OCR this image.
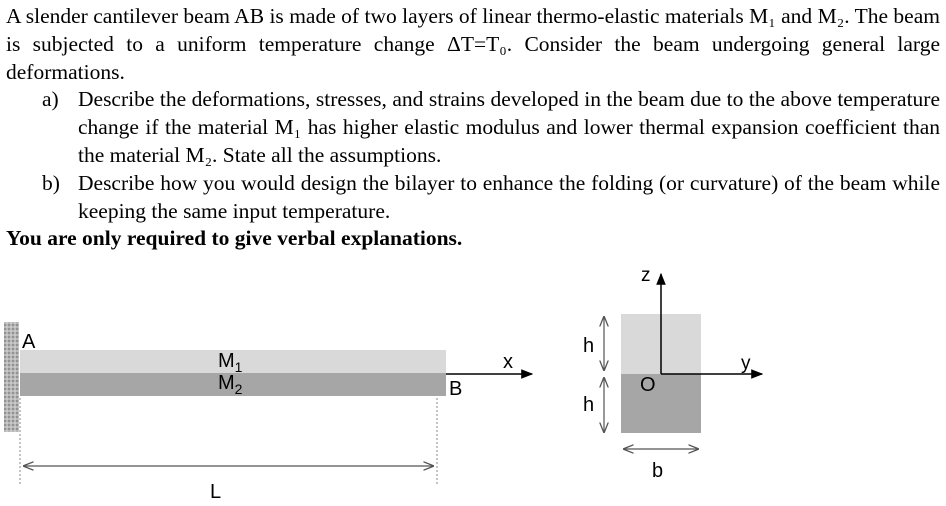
A slender cantilever beam AB is made of two layers of linear thermo-elastic materials M₁ and M₂. The beam is subjected to a uniform temperature change ΔT=T₀. Consider the beam undergoing general large deformations.

a) Describe the deformations, stresses, and strains developed in the beam due to the above temperature change if the material M₁ has higher elastic modulus and lower thermal expansion coefficient than the material M₂. State all the assumptions.
b) Describe how you would design the bilayer to enhance the folding (or curvature) of the beam while keeping the same input temperature.

You are only required to give verbal explanations.

A
B
$M_1$
$M_2$
x
L
z
y
O
h
h
b
